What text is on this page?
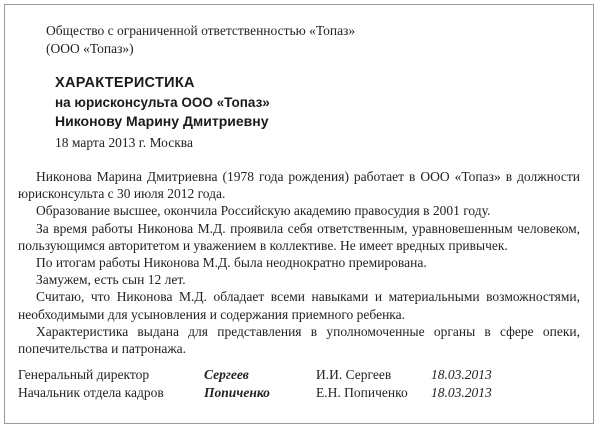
Общество с ограниченной ответственностью «Топаз»
(ООО «Топаз»)
ХАРАКТЕРИСТИКА
на юрисконсульта ООО «Топаз»
Никонову Марину Дмитриевну
18 марта 2013 г. Москва

Никонова Марина Дмитриевна (1978 года рождения) работает в ООО «Топаз» в должности юрисконсульта с 30 июля 2012 года.

Образование высшее, окончила Российскую академию правосудия в 2001 году.

За время работы Никонова М.Д. проявила себя ответственным, уравновешенным человеком, пользующимся авторитетом и уважением в коллективе. Не имеет вредных привычек.

По итогам работы Никонова М.Д. была неоднократно премирована.

Замужем, есть сын 12 лет.

Считаю, что Никонова М.Д. обладает всеми навыками и материальными возможностями, необходимыми для усыновления и содержания приемного ребенка.

Характеристика выдана для представления в уполномоченные органы в сфере опеки, попечительства и патронажа.

Генеральный директор	Сергеев	И.И. Сергеев	18.03.2013
Начальник отдела кадров	Попиченко	Е.Н. Попиченко 18.03.2013
